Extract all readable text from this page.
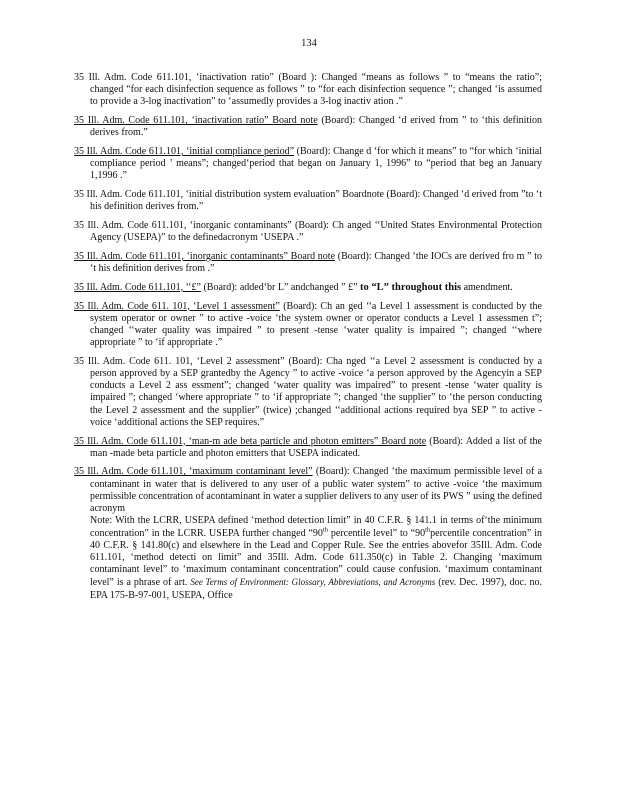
134

35 Ill. Adm. Code 611.101, ‘inactivation ratio” (Board ): Changed “means as follows ” to “means the ratio”; changed “for each disinfection sequence as follows ” to “for each disinfection sequence ”; changed ‘is assumed to provide a 3-log inactivation” to ‘assumedly provides a 3-log inactiv ation .”

35 Ill. Adm. Code 611.101, ‘inactivation ratio” Board note (Board): Changed ‘d erived from ” to ‘this definition derives from.”

35 Ill. Adm. Code 611.101, ‘initial compliance period” (Board): Change d ‘for which it means” to “for which ‘initial compliance period ’ means”; changed‘period that began on January 1, 1996” to “period that beg an January 1,1996 .”

35 Ill. Adm. Code 611.101, ‘initial distribution system evaluation” Boardnote (Board): Changed ‘d erived from ”to ‘t his definition derives from.”

35 Ill. Adm. Code 611.101, ‘inorganic contaminants” (Board): Ch anged ‘‘United States Environmental Protection Agency (USEPA)” to the definedacronym ‘USEPA .”

35 Ill. Adm. Code 611.101, ‘inorganic contaminants” Board note (Board): Changed ‘the IOCs are derived fro m ” to ‘t his definition derives from .”

35 Ill. Adm. Code 611.101, ‘‘£” (Board): added‘br L” andchanged ” £” to “L” throughout this amendment.

35 Ill. Adm. Code 611. 101, ‘Level 1 assessment” (Board): Ch an ged ‘‘a Level 1 assessment is conducted by the system operator or owner ” to active -voice ‘the system owner or operator conducts a Level 1 assessmen t”; changed ‘‘water quality was impaired ” to present -tense ‘water quality is impaired ”; changed ‘‘where appropriate ” to ‘if appropriate .”

35 Ill. Adm. Code 611. 101, ‘Level 2 assessment” (Board): Cha nged ‘‘a Level 2 assessment is conducted by a person approved by a SEP grantedby the Agency ” to active -voice ‘a person approved by the Agencyin a SEP conducts a Level 2 ass essment”; changed ‘water quality was impaired” to present -tense ‘water quality is impaired ”; changed ‘where appropriate ” to ‘if appropriate ”; changed ‘the supplier” to ‘the person conducting the Level 2 assessment and the supplier” (twice) ;changed ‘‘additional actions required bya SEP ” to active -voice ‘additional actions the SEP requires.”

35 Ill. Adm. Code 611.101, ‘man-m ade beta particle and photon emitters” Board note (Board): Added a list of the man -made beta particle and photon emitters that USEPA indicated.

35 Ill. Adm. Code 611.101, ‘maximum contaminant level” (Board): Changed ‘the maximum permissible level of a contaminant in water that is delivered to any user of a public water system” to active -voice ‘the maximum permissible concentration of acontaminant in water a supplier delivers to any user of its PWS ” using the defined acronym
Note: With the LCRR, USEPA defined ‘method detection limit” in 40 C.F.R. § 141.1 in terms of‘the minimum concentration” in the LCRR. USEPA further changed “90th percentile level” to “90thpercentile concentration” in 40 C.F.R. § 141.80(c) and elsewhere in the Lead and Copper Rule. See the entries abovefor 35Ill. Adm. Code 611.101, ‘method detecti on limit” and 35Ill. Adm. Code 611.350(c) in Table 2. Changing ‘maximum contaminant level” to ‘maximum contaminant concentration” could cause confusion. ‘maximum contaminant level” is a phrase of art. See Terms of Environment: Glossary, Abbreviations, and Acronyms (rev. Dec. 1997), doc. no. EPA 175-B-97-001, USEPA, Office
